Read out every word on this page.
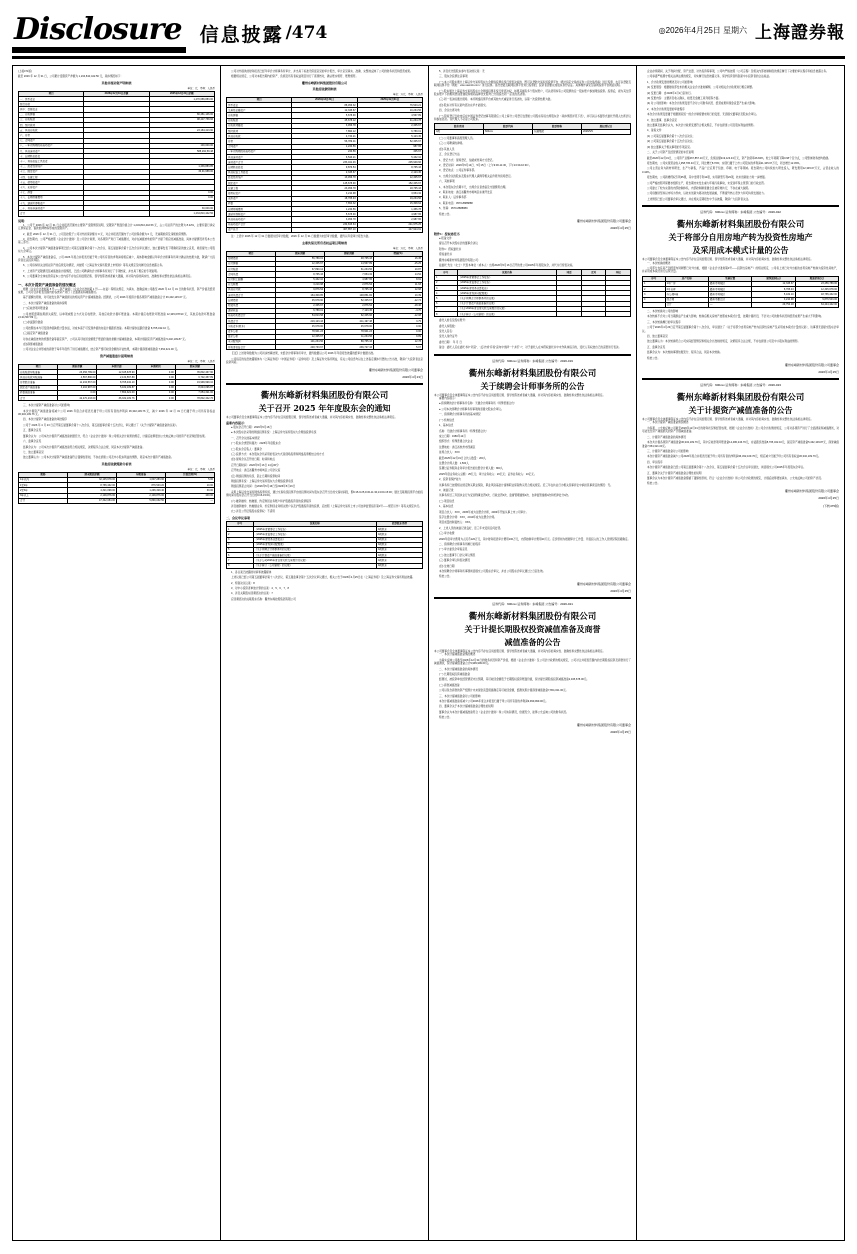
Disclosure 信息披露 /474	◎2026年4月25日 星期六 上海證券報
(上接471版)
截至 2026 年 12 月 31 日，公司累计受限资产净额为 1,234,810,442.56 元，具体情况如下：
其他非流动资产明细表
单位：元，币种：人民币
项目	2026年12月31日余额	2025年12月31日余额
一、货币资金		1,270,686,883.00
银行存款		
其中：受限资金		
二、应收票据		80,481,146.00
三、应收账款		98,407,758.66
四、预付款项		
五、其他应收款		23,184,413.90
六、存货		
七、合同资产		
八、一年内到期的非流动资产		100,000.00
九、其他流动资产		588,292,59.48
十、长期股权投资		
十一、其他权益工具投资		
十二、投资性房地产		1,436,883.85
十三、固定资产		36,91,688.00
十四、在建工程		
十五、使用权资产		
十六、无形资产		
十七、商誉		0.00
十八、长期待摊费用		0.00
十九、递延所得税资产		
二十、其他非流动资产		30,000.00
合计		1,234,810,442.56
说明：

1、公司于 2026 年 12 月 31 日合并报表范围内主要资产受限情况说明，受限资产账面价值合计 1,234,810,442.56 元，占公司总资产的比例为 8.22%，主要系银行承兑汇票保证金、借款抵押物等形成的受限资产。

2、截至 2026 年 12 月 31 日，公司及控股子公司对外担保余额为 0 元，对合并报表范围内子公司担保余额为 0 元，无逾期担保及违规担保情形。

3、报告期内，公司严格按照《企业会计准则》及公司会计政策，对各项资产进行了减值测试，对存在减值迹象的资产计提了相应的减值准备，具体计提情况详见本公告第三部分。

4、公司本次计提资产减值准备事项已经公司第五届董事会第十八次会议、第五届监事会第十五次会议审议通过，独立董事发表了明确同意的独立意见，尚需提交公司股东大会审议。

5、本次计提资产减值准备后，公司 2026 年度合并报表归属于母公司所有者的净利润将相应减少，具体影响金额以年审会计师事务所审计确认的结果为准，敬请广大投资者注意投资风险。

6、公司将持续关注相关资产的后续变动情况，并按照《上海证券交易所股票上市规则》等有关规定及时履行信息披露义务。

7、上述资产受限情况及减值准备计提情况，已经公司聘请的会计师事务所进行了专项核查，并出具了相应的专项说明。

8、公司董事会全体成员保证本公告内容不存在任何虚假记载、误导性陈述或者重大遗漏，并对其内容的真实性、准确性和完整性依法承担法律责任。

一、本次计提资产减值准备的情况概述

根据《企业会计准则第 8 号——资产减值》《企业会计准则第 1 号——存货》等相关规定，为真实、准确反映公司截至 2026 年 12 月 31 日的财务状况、资产价值及经营成果，公司对合并报表范围内的各类资产进行了全面清查和减值测试。

基于谨慎性原则，对可能发生资产减值损失的相关资产计提减值准备。经测试，公司 2026 年度拟计提各项资产减值准备合计 36,432,145.67 元。

二、本次计提资产减值准备的具体说明

(一)应收款项坏账准备

公司按照预期信用损失模型，以单项或组合方式对应收账款、其他应收款计提坏账准备。本期计提应收账款坏账准备 12,345,678.90 元，其他应收款坏账准备 2,134,567.89 元。

(二)存货跌价准备

公司按照成本与可变现净值孰低计量存货，对成本高于可变现净值的存货计提跌价准备。本期计提存货跌价准备 8,765,432.10 元。

(三)固定资产减值准备

对存在减值迹象的机器设备等固定资产，公司以其可收回金额低于账面价值的差额计提减值准备，本期计提固定资产减值准备 5,432,109.87 元。

(四)商誉减值准备

公司对企业合并形成的商誉于每年年度终了进行减值测试，结合资产组可收回金额的评估结果，本期计提商誉减值准备 7,654,321.00 元。

资产减值准备计提明细表
单位：元，币种：人民币
项目	期初余额	本期计提	本期转回	期末余额
应收账款坏账准备	23,456,789.00	12,345,678.90	0.00	35,802,467.90
其他应收款坏账准备	4,567,890.00	2,134,567.89	0.00	6,702,457.89
存货跌价准备	11,234,567.00	8,765,432.10	0.00	19,999,999.10
固定资产减值准备	3,210,987.00	5,432,109.87	0.00	8,643,096.87
商誉减值准备	0.00	7,654,321.00	0.00	7,654,321.00
合计	42,470,233.00	36,332,109.76	0.00	78,802,342.76

三、本次计提资产减值准备对公司的影响

本次计提资产减值准备将减少公司 2026 年度合并报表归属于母公司所有者的净利润 36,332,109.76 元，减少 2026 年 12 月 31 日归属于母公司所有者权益 36,332,109.76 元。

四、本次计提资产减值准备的审批程序

公司于 2026 年 4 月 23 日召开第五届董事会第十八次会议、第五届监事会第十五次会议，审议通过了《关于计提资产减值准备的议案》。

五、董事会意见

董事会认为：公司本次计提资产减值准备依据充分，符合《企业会计准则》和公司相关会计政策的规定，计提后能够更加公允地反映公司的资产状况和经营成果。

六、监事会意见

监事会认为：公司本次计提资产减值准备符合相关规定，决策程序合法合规，同意本次计提资产减值准备。

七、独立董事意见

独立董事认为：公司本次计提资产减值准备符合谨慎性原则，不存在损害公司及中小股东利益的情形，同意本次计提资产减值准备。

其他应收款账龄分析表
单位：元，币种：人民币
账龄	期末账面余额	坏账准备	计提比例(%)
1年以内	32,145,678.00	1,607,283.90	5.00
1至2年	8,765,432.00	876,543.20	10.00
2至3年	4,321,098.00	1,296,329.40	30.00
3年以上	2,109,876.00	2,109,876.00	100.00
合计	47,342,084.00	5,890,032.50	—

公司对外提供的财务报表已经年审会计师事务所审计，并出具了标准无保留意见的审计报告，审计意见真实、准确、完整地反映了公司的财务状况和经营成果。

根据相关规定，公司对本报告期内的资产、负债及所有者权益项目进行了逐项核对，确认账实相符、账账相符。

衢州东峰新材料集团股份有限公司
其他应收款明细表
单位：万元，币种：人民币
项目	2026年12月31日	2025年12月31日
货币资金	88,456.32	76,543.21
交易性金融资产	12,345.67	10,234.56
应收票据	5,678.90	4,567.89
应收账款	45,678.12	41,234.78
应收款项融资	3,456.78	2,345.67
预付款项	7,890.12	6,789.01
其他应收款	4,734.21	5,123.45
存货	56,789.01	52,345.67
合同资产	1,234.56	987.65
一年内到期的非流动资产	234.56	345.67
其他流动资产	6,543.21	5,432.10
流动资产合计	233,041.46	205,949.66
长期股权投资	9,876.54	8,765.43
其他权益工具投资	2,345.67	2,123.45
投资性房地产	13,456.78	12,345.67
固定资产	145,678.90	152,345.67
在建工程	23,456.78	18,765.43
使用权资产	3,210.98	3,654.32
无形资产	18,765.43	19,234.56
商誉	7,654.32	15,308.64
长期待摊费用	1,234.56	1,456.78
递延所得税资产	5,678.90	4,987.65
其他非流动资产	3,456.78	2,987.65
非流动资产合计	234,815.64	241,975.25
资产总计	467,857.10	447,924.91

注：上表中 2025 年 12 月 31 日数据为经审计数据，2026 年 12 月 31 日数据为未经审计数据，最终以年度审计报告为准。

主要负债及所有者权益项目明细表
单位：万元，币种：人民币
项目	期末余额	期初余额	增减(%)
短期借款	56,789.01	48,765.43	16.45
应付票据	12,345.67	14,567.89	-15.25
应付账款	67,890.12	61,234.56	10.87
合同负债	8,765.43	7,654.32	14.52
应付职工薪酬	5,432.10	4,987.65	8.91
应交税费	3,210.98	2,876.54	11.63
其他应付款	9,876.54	8,765.43	12.68
流动负债合计	164,309.85	148,851.82	10.39
长期借款	45,678.90	52,345.67	-12.74
租赁负债	2,345.67	2,876.54	-18.46
递延收益	6,789.01	7,123.45	-4.70
非流动负债合计	54,813.58	62,345.66	-12.08
负债合计	219,123.43	211,197.48	3.75
实收资本(股本)	45,678.00	45,678.00	0.00
资本公积	78,901.23	78,901.23	0.00
盈余公积	12,345.67	11,234.56	9.89
未分配利润	101,234.56	89,765.43	12.78
所有者权益合计	248,733.67	236,727.43	5.07

【注】上述财务数据为公司初步核算结果，未经会计师事务所审计，最终数据以公司 2026 年年度报告披露的经审计数据为准。

公司指定的信息披露媒体为《上海证券报》《中国证券报》《证券时报》及上海证券交易所网站，有关公司信息均以在上述指定媒体刊登的公告为准，敬请广大投资者注意投资风险。

衢州东峰新材料集团股份有限公司董事会
2026年4月23日
衢州东峰新材料集团股份有限公司
关于召开 2025 年年度股东会的通知
本公司董事会及全体董事保证本公告内容不存在任何虚假记载、误导性陈述或者重大遗漏，并对其内容的真实性、准确性和完整性依法承担法律责任。
重要内容提示：

● 股东会召开日期：2026年5月16日

● 本次股东会采用的网络投票系统：上海证券交易所股东大会网络投票系统

一、召开会议的基本情况

(一) 股东会类型和届次：2025年年度股东会

(二) 股东会召集人：董事会

(三) 投票方式：本次股东会所采用的表决方式是现场投票和网络投票相结合的方式

(四) 现场会议召开的日期、时间和地点

召开日期时间：2026年5月16日 14点00分

召开地点：浙江省衢州市柯城区公司会议室

(五) 网络投票的系统、起止日期和投票时间

网络投票系统：上海证券交易所股东大会网络投票系统

网络投票起止时间：自2026年5月16日至2026年5月16日

采用上海证券交易所网络投票系统，通过交易系统投票平台的投票时间为股东会召开当日的交易时间段，即9:15-9:25,9:30-11:30,13:00-15:00；通过互联网投票平台的投票时间为股东会召开当日的9:15-15:00。

(六) 融资融券、转融通、约定购回业务账户和沪股通投资者的投票程序

涉及融资融券、转融通业务、约定购回业务相关账户以及沪股通投资者的投票，应按照《上海证券交易所上市公司自律监管指引第1号——规范运作》等有关规定执行。

(七) 涉及公开征集股东投票权：不适用

二、会议审议事项
序号	议案名称	投票股东类型
1	《2025年度董事会工作报告》	A股股东
2	《2025年度监事会工作报告》	A股股东
3	《2025年度财务决算报告》	A股股东
4	《2025年度利润分配预案》	A股股东
5	《关于续聘会计师事务所的议案》	A股股东
6	《关于计提资产减值准备的议案》	A股股东
7	《关于公司2026年度日常关联交易预计的议案》	A股股东
8	《关于修订〈公司章程〉的议案》	A股股东

1、各议案已披露的时间和披露媒体

上述议案已经公司第五届董事会第十八次会议、第五届监事会第十五次会议审议通过，相关公告于2026年4月25日在《上海证券报》及上海证券交易所网站披露。

2、特别决议议案：8

3、对中小投资者单独计票的议案：4、5、6、7、8

4、涉及关联股东回避表决的议案：7

应回避表决的关联股东名称：衢州东峰控股集团有限公司

5、涉及优先股股东参与表决的议案：无

三、股东会投票注意事项

(一) 本公司股东通过上海证券交易所股东大会网络投票系统行使表决权的，既可以登陆交易系统投票平台（通过指定交易的证券公司交易终端）进行投票，也可以登陆互联网投票平台（网址：vote.sseinfo.com）进行投票。首次登陆互联网投票平台进行投票的，投资者需要完成股东身份认证。具体操作请见互联网投票平台网站说明。

(二) 股东通过上海证券交易所股东大会网络投票系统行使表决权，如果其拥有多个股东账户，可以使用持有公司股票的任一股东账户参加网络投票。投票后，视为其全部股东账户下的相同类别普通股和相同品种优先股均已分别投出同一意见的表决票。

(三) 同一表决权通过现场、本所网络投票平台或其他方式重复进行表决的，以第一次投票结果为准。

(四) 股东对所有议案均表决完毕才能提交。

四、会议出席对象

(一) 股权登记日收市后在中国证券登记结算有限责任公司上海分公司登记在册的公司股东有权出席股东会（具体情况详见下表），并可以以书面形式委托代理人出席会议和参加表决。该代理人不必是公司股东。

股份类别	股票代码	股票简称	股权登记日
A股	600xxx	东峰集团	2026/5/9

(二) 公司董事和高级管理人员。

(三) 公司聘请的律师。

(四) 其他人员

五、会议登记方法

1、登记方式：现场登记、信函或传真方式登记。

2、登记时间：2026年5月14日、5月15日（上午9:00-11:30，下午13:30-16:30）。

3、登记地点：公司证券事务部。

4、出席会议的股东及股东代理人请携带相关证件原件到场登记。

六、其他事项

1、本次股东会会期半天，出席会议者食宿及交通费用自理。

2、联系地址：浙江省衢州市柯城区东港开发区

3、联系人：证券事务部

4、联系电话：0570-8888888

5、传真：0570-8888889

特此公告。

衢州东峰新材料集团股份有限公司董事会
2026年4月25日
附件1：授权委托书

● 报备文件

提议召开本次股东会的董事会决议

附件1：授权委托书

授权委托书

衢州东峰新材料集团股份有限公司：

兹委托 先生（女士）代表本单位（或本人）出席2026年5月16日召开的贵公司2025年年度股东会，并代为行使表决权。

序号	议案名称	同意	反对	弃权
1	《2025年度董事会工作报告》			
2	《2025年度监事会工作报告》			
3	《2025年度财务决算报告》			
4	《2025年度利润分配预案》			
5	《关于续聘会计师事务所的议案》			
6	《关于计提资产减值准备的议案》			
7	《关于2026年度日常关联交易预计的议案》			
8	《关于修订〈公司章程〉的议案》			

委托人姓名及股东账号：

委托人持股数：

受托人签名：

受托人身份证号：

委托日期： 年 月 日

备注：委托人应在委托书中“同意”、“反对”或“弃权”意向中选择一个并打“√”，对于委托人在本授权委托书中未作具体指示的，受托人有权按自己的意愿进行表决。

证券代码：600xxx 证券简称：东峰集团 公告编号：2026-019
衢州东峰新材料集团股份有限公司
关于续聘会计师事务所的公告
本公司董事会及全体董事保证本公告内容不存在任何虚假记载、误导性陈述或者重大遗漏，并对其内容的真实性、准确性和完整性依法承担法律责任。

重要内容提示：

● 拟续聘的会计师事务所名称：天健会计师事务所（特殊普通合伙）

● 公司本次续聘会计师事务所事项尚需提交股东会审议。

一、拟续聘会计师事务所的基本情况

(一) 机构信息

1、基本信息

名称：天健会计师事务所（特殊普通合伙）

成立日期：1983年12月

组织形式：特殊普通合伙企业

注册地址：浙江省杭州市西湖区

首席合伙人：XXX

截至2025年12月31日合伙人数量：200人

注册会计师人数：1,500人

签署过证券服务业务审计报告的注册会计师人数：800人

2025年度业务收入总额：25亿元；审计业务收入：20亿元；证券业务收入：10亿元。

2、投资者保护能力

该事务所已按照相关规定购买职业保险，职业风险基金计提和职业保险购买符合相关规定。近三年在执业行为相关民事诉讼中承担民事责任的情况：无。

3、诚信记录

该事务所近三年因执业行为受到刑事处罚0次、行政处罚0次、监督管理措施3次、自律监管措施0次和纪律处分0次。

(二) 项目信息

1、基本信息

项目合伙人：XXX，2005年成为注册会计师，2003年开始从事上市公司审计。

签字注册会计师：XXX，2010年成为注册会计师。

项目质量控制复核人：XXX。

2、上述人员的诚信记录良好，近三年未受到任何处罚。

(三) 审计收费

2026年度审计费用为人民币120万元，其中财务报表审计费用100万元，内部控制审计费用20万元。定价原则为根据审计工作量、所需投入的工作人员情况等因素确定。

二、拟续聘会计师事务所履行的程序

(一) 审计委员会审查意见

(二) 独立董事专门会议审议情况

(三) 董事会审议和表决情况

(四) 生效日期

本次续聘会计师事务所事项尚需提交公司股东会审议，并自公司股东会审议通过之日起生效。

特此公告。

衢州东峰新材料集团股份有限公司董事会
2026年4月25日
证券代码：600xxx 证券简称：东峰集团 公告编号：2026-021
衢州东峰新材料集团股份有限公司
关于计提长期股权投资减值准备及商誉
减值准备的公告
本公司董事会及全体董事保证本公告内容不存在任何虚假记载、误导性陈述或者重大遗漏，并对其内容的真实性、准确性和完整性依法承担法律责任。

一、本次计提减值准备情况概述

为真实反映公司截至2026年12月31日的财务状况和资产价值，根据《企业会计准则》及公司会计政策的相关规定，公司对合并报表范围内的长期股权投资及商誉进行了减值测试，拟计提减值准备合计9,999,999.00元。

二、本次计提减值准备的具体情况

(一) 长期股权投资减值准备

经测试，被投资单位经营情况未达预期，其可收回金额低于长期股权投资账面价值，拟计提长期股权投资减值准备2,345,678.00元。

(二) 商誉减值准备

公司以包含商誉的资产组预计未来现金流量现值确定其可收回金额，经测试拟计提商誉减值准备7,654,321.00元。

三、本次计提减值准备对公司的影响

本次计提减值准备将减少公司2026年度合并报表归属于母公司所有者的净利润9,999,999.00元。

四、董事会关于本次计提减值准备合理性的说明

董事会认为本次计提减值准备符合《企业会计准则》和公司实际情况，依据充分，能够公允反映公司的财务状况。

特此公告。

衢州东峰新材料集团股份有限公司董事会
2026年4月25日

企业存续期间，关于利润分配、资产处置、对外投资等事项，公司均严格按照《公司章程》及相关内部控制制度的规定履行了必要的审议程序和信息披露义务。

公司承诺严格遵守相关法律法规的规定，切实履行信息披露义务，保护投资者特别是中小投资者的合法权益。

1、会计政策变更的概述及对公司的影响

(1) 变更原因：根据财政部发布的相关企业会计准则解释，公司对相关会计政策进行相应调整。

(2) 变更日期：自2026年1月1日起执行。

(3) 变更内容：主要涉及收入确认、租赁及金融工具列报等方面。

(4) 对公司的影响：本次会计政策变更不会对公司财务状况、经营成果和现金流量产生重大影响。

2、本次会计政策变更的审批程序

本次会计政策变更属于根据国家统一的会计制度要求进行的变更，无需提交董事会及股东会审议。

3、独立董事、监事会意见

独立董事及监事会认为，本次会计政策变更符合相关规定，不存在损害公司及股东利益的情形。

4、备查文件

(1) 公司第五届董事会第十八次会议决议；

(2) 公司第五届监事会第十五次会议决议；

(3) 独立董事关于相关事项的专项意见。

二、关于公司资产及经营情况的补充说明

截至2026年12月31日，公司资产总额467,857.10万元，负债总额219,123.43万元，资产负债率46.84%，较上年同期下降0.68个百分点，公司整体财务结构稳健。

报告期内，公司实现营业收入358,765.43万元，同比增长8.76%；实现归属于上市公司股东的净利润21,345.67万元，同比增长12.45%。

公司主营业务为新材料研发、生产与销售，产品广泛应用于包装、印刷、电子等领域。报告期内公司持续加大研发投入，研发费用12,345.67万元，占营业收入的3.44%。

报告期内，公司新增授权专利35项，其中发明专利12项，实用新型专利23项，技术创新能力进一步增强。

公司严格按照环保要求组织生产，报告期内未发生重大环境污染事故，未受到环保主管部门的行政处罚。

公司建立了较为完善的内部控制体系，内部控制制度健全且被有效执行，不存在重大缺陷。

公司将继续坚持以市场为导向、以技术创新为驱动的发展战略，不断提升核心竞争力和可持续发展能力。

上述情况已经公司董事会审议通过，并在相关定期报告中予以披露，敬请广大投资者关注。

证券代码：600xxx 证券简称：东峰集团 公告编号：2026-022
衢州东峰新材料集团股份有限公司
关于将部分自用房地产转为投资性房地产
及采用成本模式计量的公告
本公司董事会及全体董事保证本公告内容不存在任何虚假记载、误导性陈述或者重大遗漏，并对其内容的真实性、准确性和完整性依法承担法律责任。

一、本次转换的概述

公司部分自有房产因经营布局调整已对外出租，根据《企业会计准则第3号——投资性房地产》的相关规定，公司将上述已对外出租的自用房地产转换为投资性房地产，并采用成本模式进行后续计量。

序号	房产名称	坐落位置	建筑面积(㎡)	账面价值(元)
1	1号厂房	衢州市柯城区	12,345.67	23,456,789.00
2	2号仓库	衢州市柯城区	8,765.43	12,345,678.00
3	办公楼A座	衢州市柯城区	5,432.10	18,765,432.00
4	综合楼	衢州市衢江区	3,210.98	9,876,543.00
	合计	—	29,754.18	64,444,442.00

二、本次转换对公司的影响

本次转换不会对公司当期损益产生重大影响，转换后相关房地产按照成本模式计量，按期计提折旧，不会对公司的财务状况和经营成果产生重大不利影响。

三、本次转换履行的审议程序

公司于2026年4月23日召开第五届董事会第十八次会议，审议通过了《关于将部分自用房地产转为投资性房地产及采用成本模式计量的议案》，该事项无需提交股东会审议。

四、独立董事意见

独立董事认为：本次转换符合公司实际经营情况和相关会计准则的规定，决策程序合法合规，不存在损害公司及中小股东利益的情形。

五、监事会意见

监事会认为：本次转换事项依据充分、程序合法，同意本次转换。

特此公告。

衢州东峰新材料集团股份有限公司董事会
2026年4月25日
证券代码：600xxx 证券简称：东峰集团 公告编号：2026-023
衢州东峰新材料集团股份有限公司
关于计提资产减值准备的公告
本公司董事会及全体董事保证本公告内容不存在任何虚假记载、误导性陈述或者重大遗漏，并对其内容的真实性、准确性和完整性依法承担法律责任。

一、本次计提资产减值准备情况概述

为客观、公允地反映公司截至2026年12月31日的财务状况和经营成果，根据《企业会计准则》及公司会计政策的规定，公司对各项资产进行了全面清查和减值测试，对可能发生资产减值损失的资产计提减值准备。

二、计提资产减值准备的具体情况

本次共计提各项资产减值准备36,332,109.76元，其中应收款项坏账准备14,480,246.79元，存货跌价准备8,765,432.10元，固定资产减值准备5,432,109.87元，商誉减值准备7,654,321.00元。

三、计提资产减值准备对公司的影响

本次计提资产减值准备减少公司2026年度合并报表归属于母公司所有者的净利润36,332,109.76元，相应减少归属于母公司所有者权益36,332,109.76元。

四、审议程序

本次计提资产减值准备已经公司第五届董事会第十八次会议、第五届监事会第十五次会议审议通过，尚需提交公司2025年年度股东会审议。

五、董事会关于计提资产减值准备合理性的说明

董事会认为本次计提资产减值准备遵循了谨慎性原则，符合《企业会计准则》和公司会计政策的规定，计提后能够更加真实、公允地反映公司的资产状况。

特此公告。

衢州东峰新材料集团股份有限公司董事会
2026年4月25日
(下转475版)
